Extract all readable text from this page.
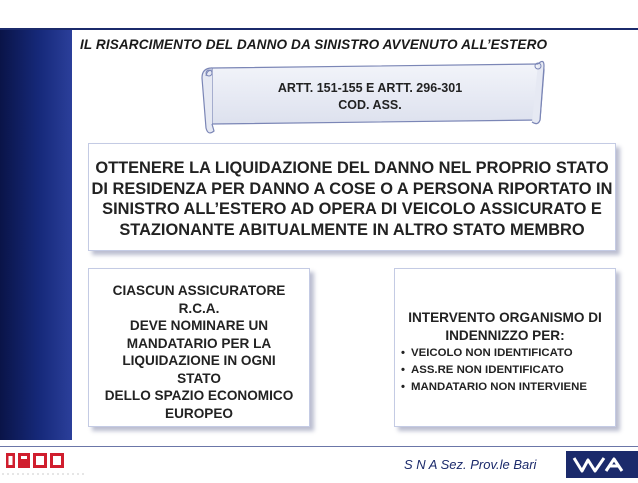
IL RISARCIMENTO DEL DANNO DA SINISTRO AVVENUTO ALL’ESTERO
ARTT. 151-155 E ARTT. 296-301
COD. ASS.
OTTENERE LA LIQUIDAZIONE DEL DANNO NEL PROPRIO STATO
DI RESIDENZA PER DANNO A COSE O A PERSONA RIPORTATO IN
SINISTRO ALL’ESTERO AD OPERA DI VEICOLO ASSICURATO E
STAZIONANTE ABITUALMENTE IN ALTRO STATO MEMBRO
CIASCUN ASSICURATORE
R.C.A.
DEVE NOMINARE UN
MANDATARIO PER LA
LIQUIDAZIONE IN OGNI
STATO
DELLO SPAZIO ECONOMICO
EUROPEO
INTERVENTO ORGANISMO DI
INDENNIZZO PER:
• VEICOLO NON IDENTIFICATO
• ASS.RE NON IDENTIFICATO
• MANDATARIO NON INTERVIENE
S N A Sez. Prov.le Bari
